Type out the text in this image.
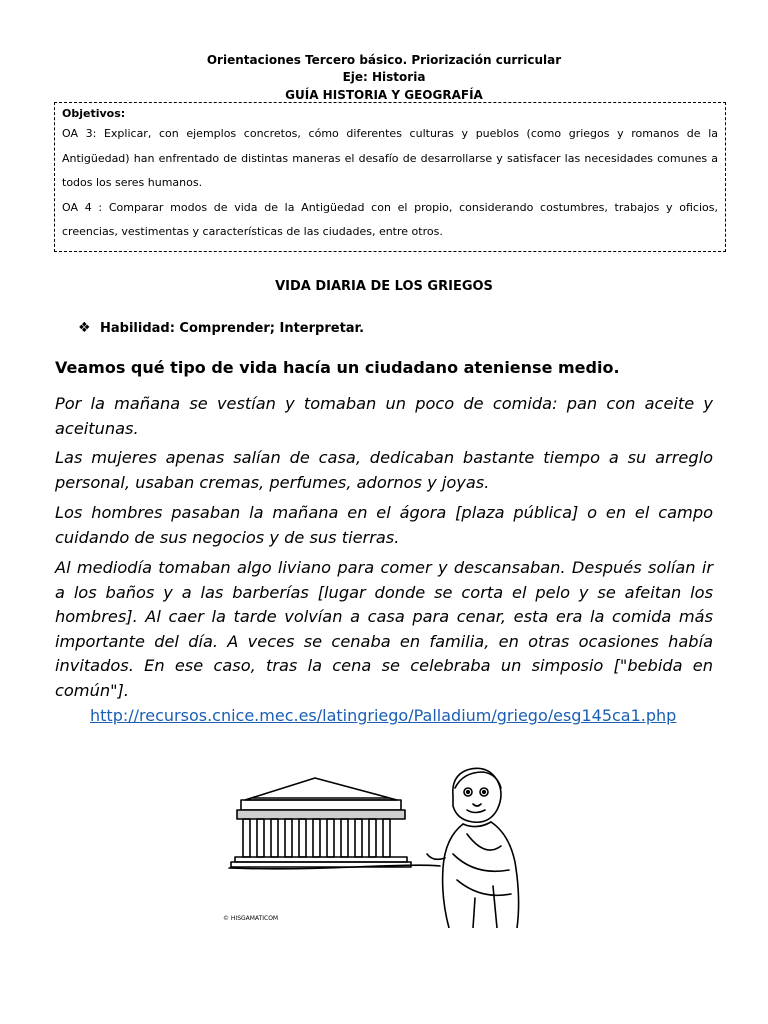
Orientaciones Tercero básico. Priorización curricular
Eje: Historia
GUÍA HISTORIA Y GEOGRAFÍA
Objetivos:

OA 3: Explicar, con ejemplos concretos, cómo diferentes culturas y pueblos (como griegos y romanos de la Antigüedad) han enfrentado de distintas maneras el desafío de desarrollarse y satisfacer las necesidades comunes a todos los seres humanos.

OA 4 : Comparar modos de vida de la Antigüedad con el propio, considerando costumbres, trabajos y oficios, creencias, vestimentas y características de las ciudades, entre otros.

VIDA DIARIA DE LOS GRIEGOS
❖ Habilidad: Comprender; Interpretar.
Veamos qué tipo de vida hacía un ciudadano ateniense medio.
Por la mañana se vestían y tomaban un poco de comida: pan con aceite y aceitunas.
Las mujeres apenas salían de casa, dedicaban bastante tiempo a su arreglo personal, usaban cremas, perfumes, adornos y joyas.
Los hombres pasaban la mañana en el ágora [plaza pública] o en el campo cuidando de sus negocios y de sus tierras.
Al mediodía tomaban algo liviano para comer y descansaban. Después solían ir a los baños y a las barberías [lugar donde se corta el pelo y se afeitan los hombres]. Al caer la tarde volvían a casa para cenar, esta era la comida más importante del día. A veces se cenaba en familia, en otras ocasiones había invitados. En ese caso, tras la cena se celebraba un simposio ["bebida en común"].
http://recursos.cnice.mec.es/latingriego/Palladium/griego/esg145ca1.php
© HISGAMATICOM
